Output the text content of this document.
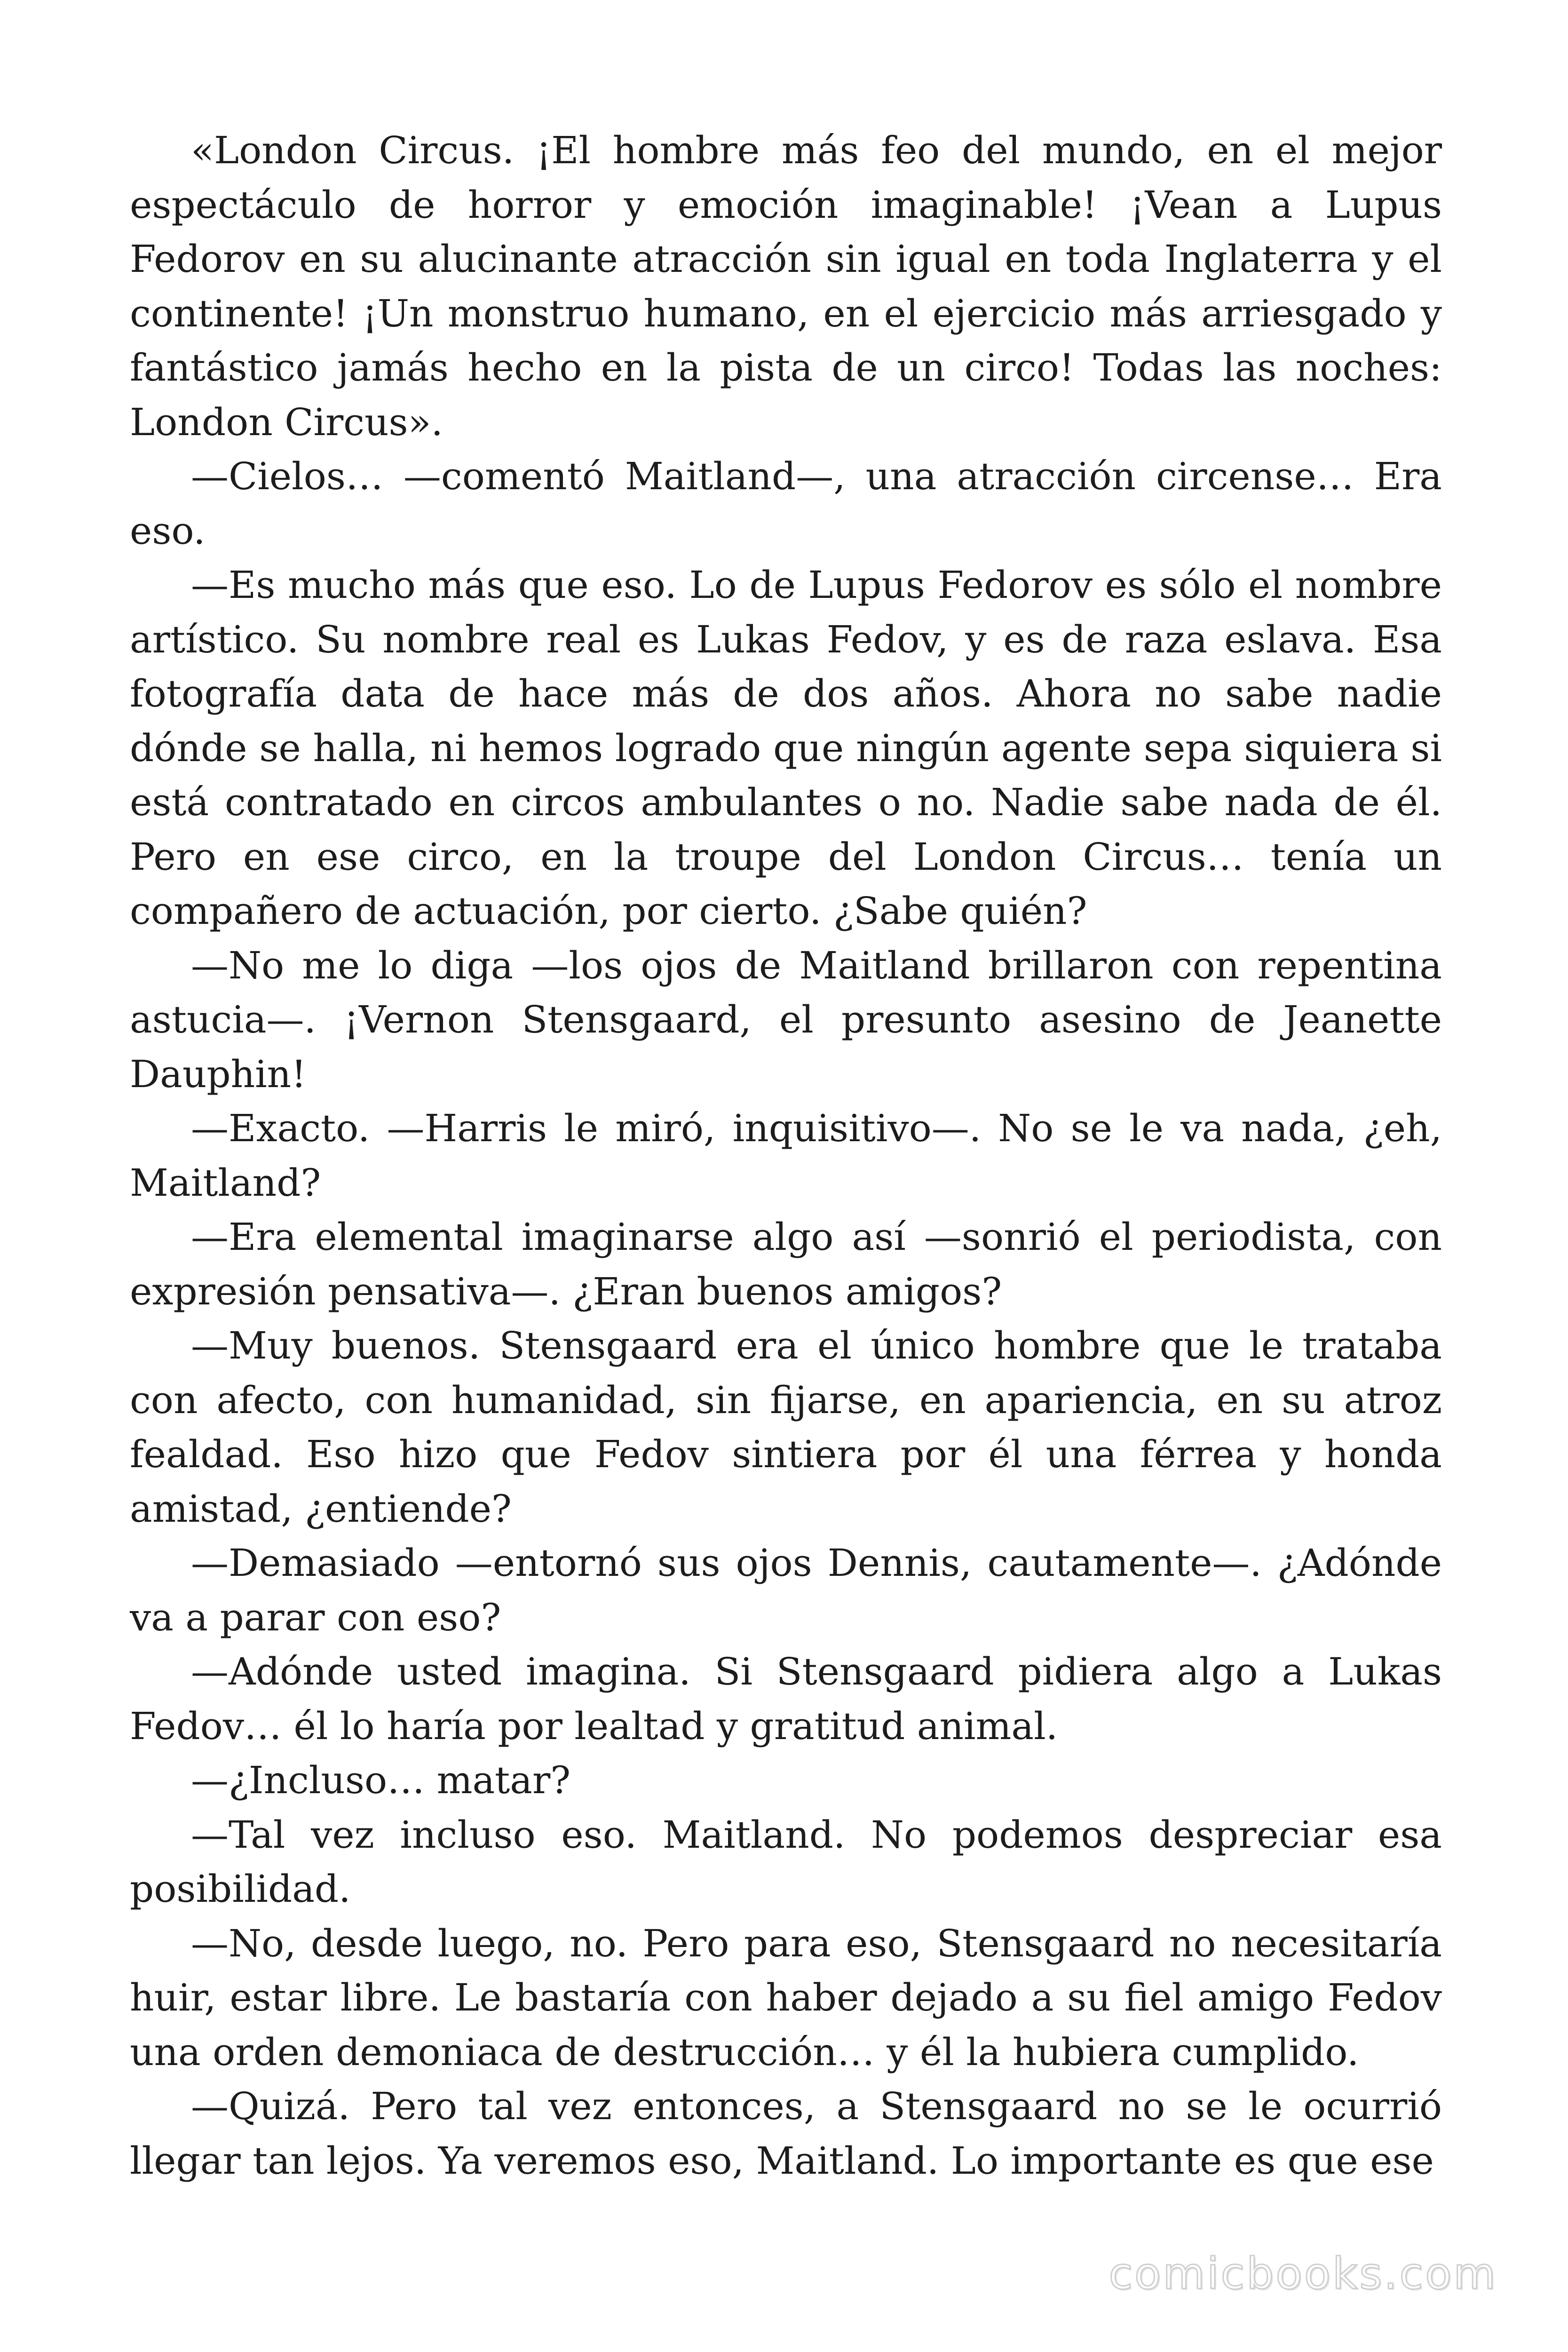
«London Circus. ¡El hombre más feo del mundo, en el mejor espectáculo de horror y emoción imaginable! ¡Vean a Lupus Fedorov en su alucinante atracción sin igual en toda Inglaterra y el continente! ¡Un monstruo humano, en el ejercicio más arriesgado y fantástico jamás hecho en la pista de un circo! Todas las noches: London Circus».

—Cielos… —comentó Maitland—, una atracción circense… Era eso.

—Es mucho más que eso. Lo de Lupus Fedorov es sólo el nombre artístico. Su nombre real es Lukas Fedov, y es de raza eslava. Esa fotografía data de hace más de dos años. Ahora no sabe nadie dónde se halla, ni hemos logrado que ningún agente sepa siquiera si está contratado en circos ambulantes o no. Nadie sabe nada de él. Pero en ese circo, en la troupe del London Circus… tenía un compañero de actuación, por cierto. ¿Sabe quién?

—No me lo diga —los ojos de Maitland brillaron con repentina astucia—. ¡Vernon Stensgaard, el presunto asesino de Jeanette Dauphin!

—Exacto. —Harris le miró, inquisitivo—. No se le va nada, ¿eh, Maitland?

—Era elemental imaginarse algo así —sonrió el periodista, con expresión pensativa—. ¿Eran buenos amigos?

—Muy buenos. Stensgaard era el único hombre que le trataba con afecto, con humanidad, sin fijarse, en apariencia, en su atroz fealdad. Eso hizo que Fedov sintiera por él una férrea y honda amistad, ¿entiende?

—Demasiado —entornó sus ojos Dennis, cautamente—. ¿Adónde va a parar con eso?

—Adónde usted imagina. Si Stensgaard pidiera algo a Lukas Fedov… él lo haría por lealtad y gratitud animal.

—¿Incluso… matar?

—Tal vez incluso eso. Maitland. No podemos despreciar esa posibilidad.

—No, desde luego, no. Pero para eso, Stensgaard no necesitaría huir, estar libre. Le bastaría con haber dejado a su fiel amigo Fedov una orden demoniaca de destrucción… y él la hubiera cumplido.

—Quizá. Pero tal vez entonces, a Stensgaard no se le ocurrió llegar tan lejos. Ya veremos eso, Maitland. Lo importante es que ese

comicbooks.com
